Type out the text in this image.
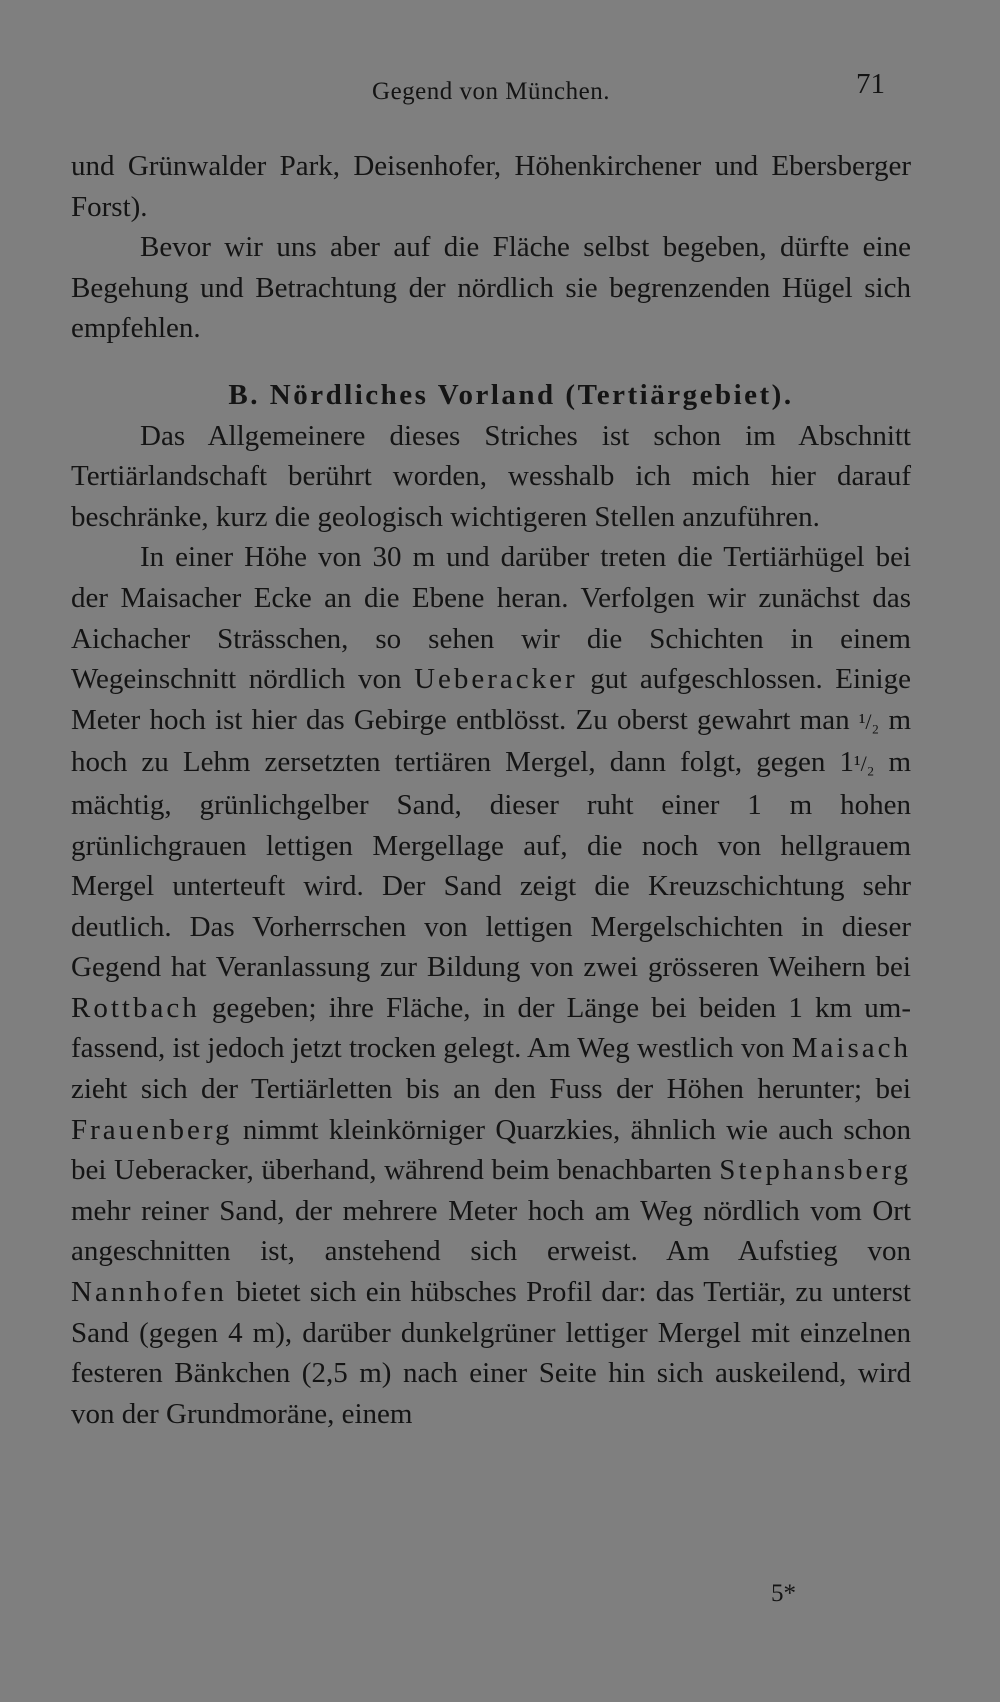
Gegend von München.	71

und Grünwalder Park, Deisenhofer, Höhenkirchener und Ebersberger Forst).

Bevor wir uns aber auf die Fläche selbst begeben, dürfte eine Begehung und Betrachtung der nördlich sie begrenzenden Hügel sich empfehlen.

B. Nördliches Vorland (Tertiärgebiet).

Das Allgemeinere dieses Striches ist schon im Abschnitt Tertiärlandschaft berührt worden, wesshalb ich mich hier darauf beschränke, kurz die geologisch wichtigeren Stellen anzuführen.

In einer Höhe von 30 m und darüber treten die Tertiärhügel bei der Maisacher Ecke an die Ebene heran. Verfolgen wir zunächst das Aichacher Strässchen, so sehen wir die Schichten in einem Wegeinschnitt nördlich von Ueberacker gut aufgeschlossen. Einige Meter hoch ist hier das Gebirge entblösst. Zu oberst gewahrt man ¹/₂ m hoch zu Lehm zersetzten tertiären Mergel, dann folgt, gegen 1¹/₂ m mächtig, grünlichgelber Sand, dieser ruht einer 1 m hohen grünlichgrauen lettigen Mergellage auf, die noch von hellgrauem Mergel unterteuft wird. Der Sand zeigt die Kreuzschichtung sehr deutlich. Das Vorherrschen von lettigen Mergelschichten in dieser Gegend hat Veranlassung zur Bildung von zwei grösseren Weihern bei Rottbach gegeben; ihre Fläche, in der Länge bei beiden 1 km umfassend, ist jedoch jetzt trocken gelegt. Am Weg westlich von Maisach zieht sich der Tertiärletten bis an den Fuss der Höhen herunter; bei Frauenberg nimmt kleinkörniger Quarzkies, ähnlich wie auch schon bei Ueberacker, überhand, während beim benachbarten Stephansberg mehr reiner Sand, der mehrere Meter hoch am Weg nördlich vom Ort angeschnitten ist, anstehend sich erweist. Am Aufstieg von Nannhofen bietet sich ein hübsches Profil dar: das Tertiär, zu unterst Sand (gegen 4 m), darüber dunkelgrüner lettiger Mergel mit einzelnen festeren Bänkchen (2,5 m) nach einer Seite hin sich auskeilend, wird von der Grundmoräne, einem

5*
